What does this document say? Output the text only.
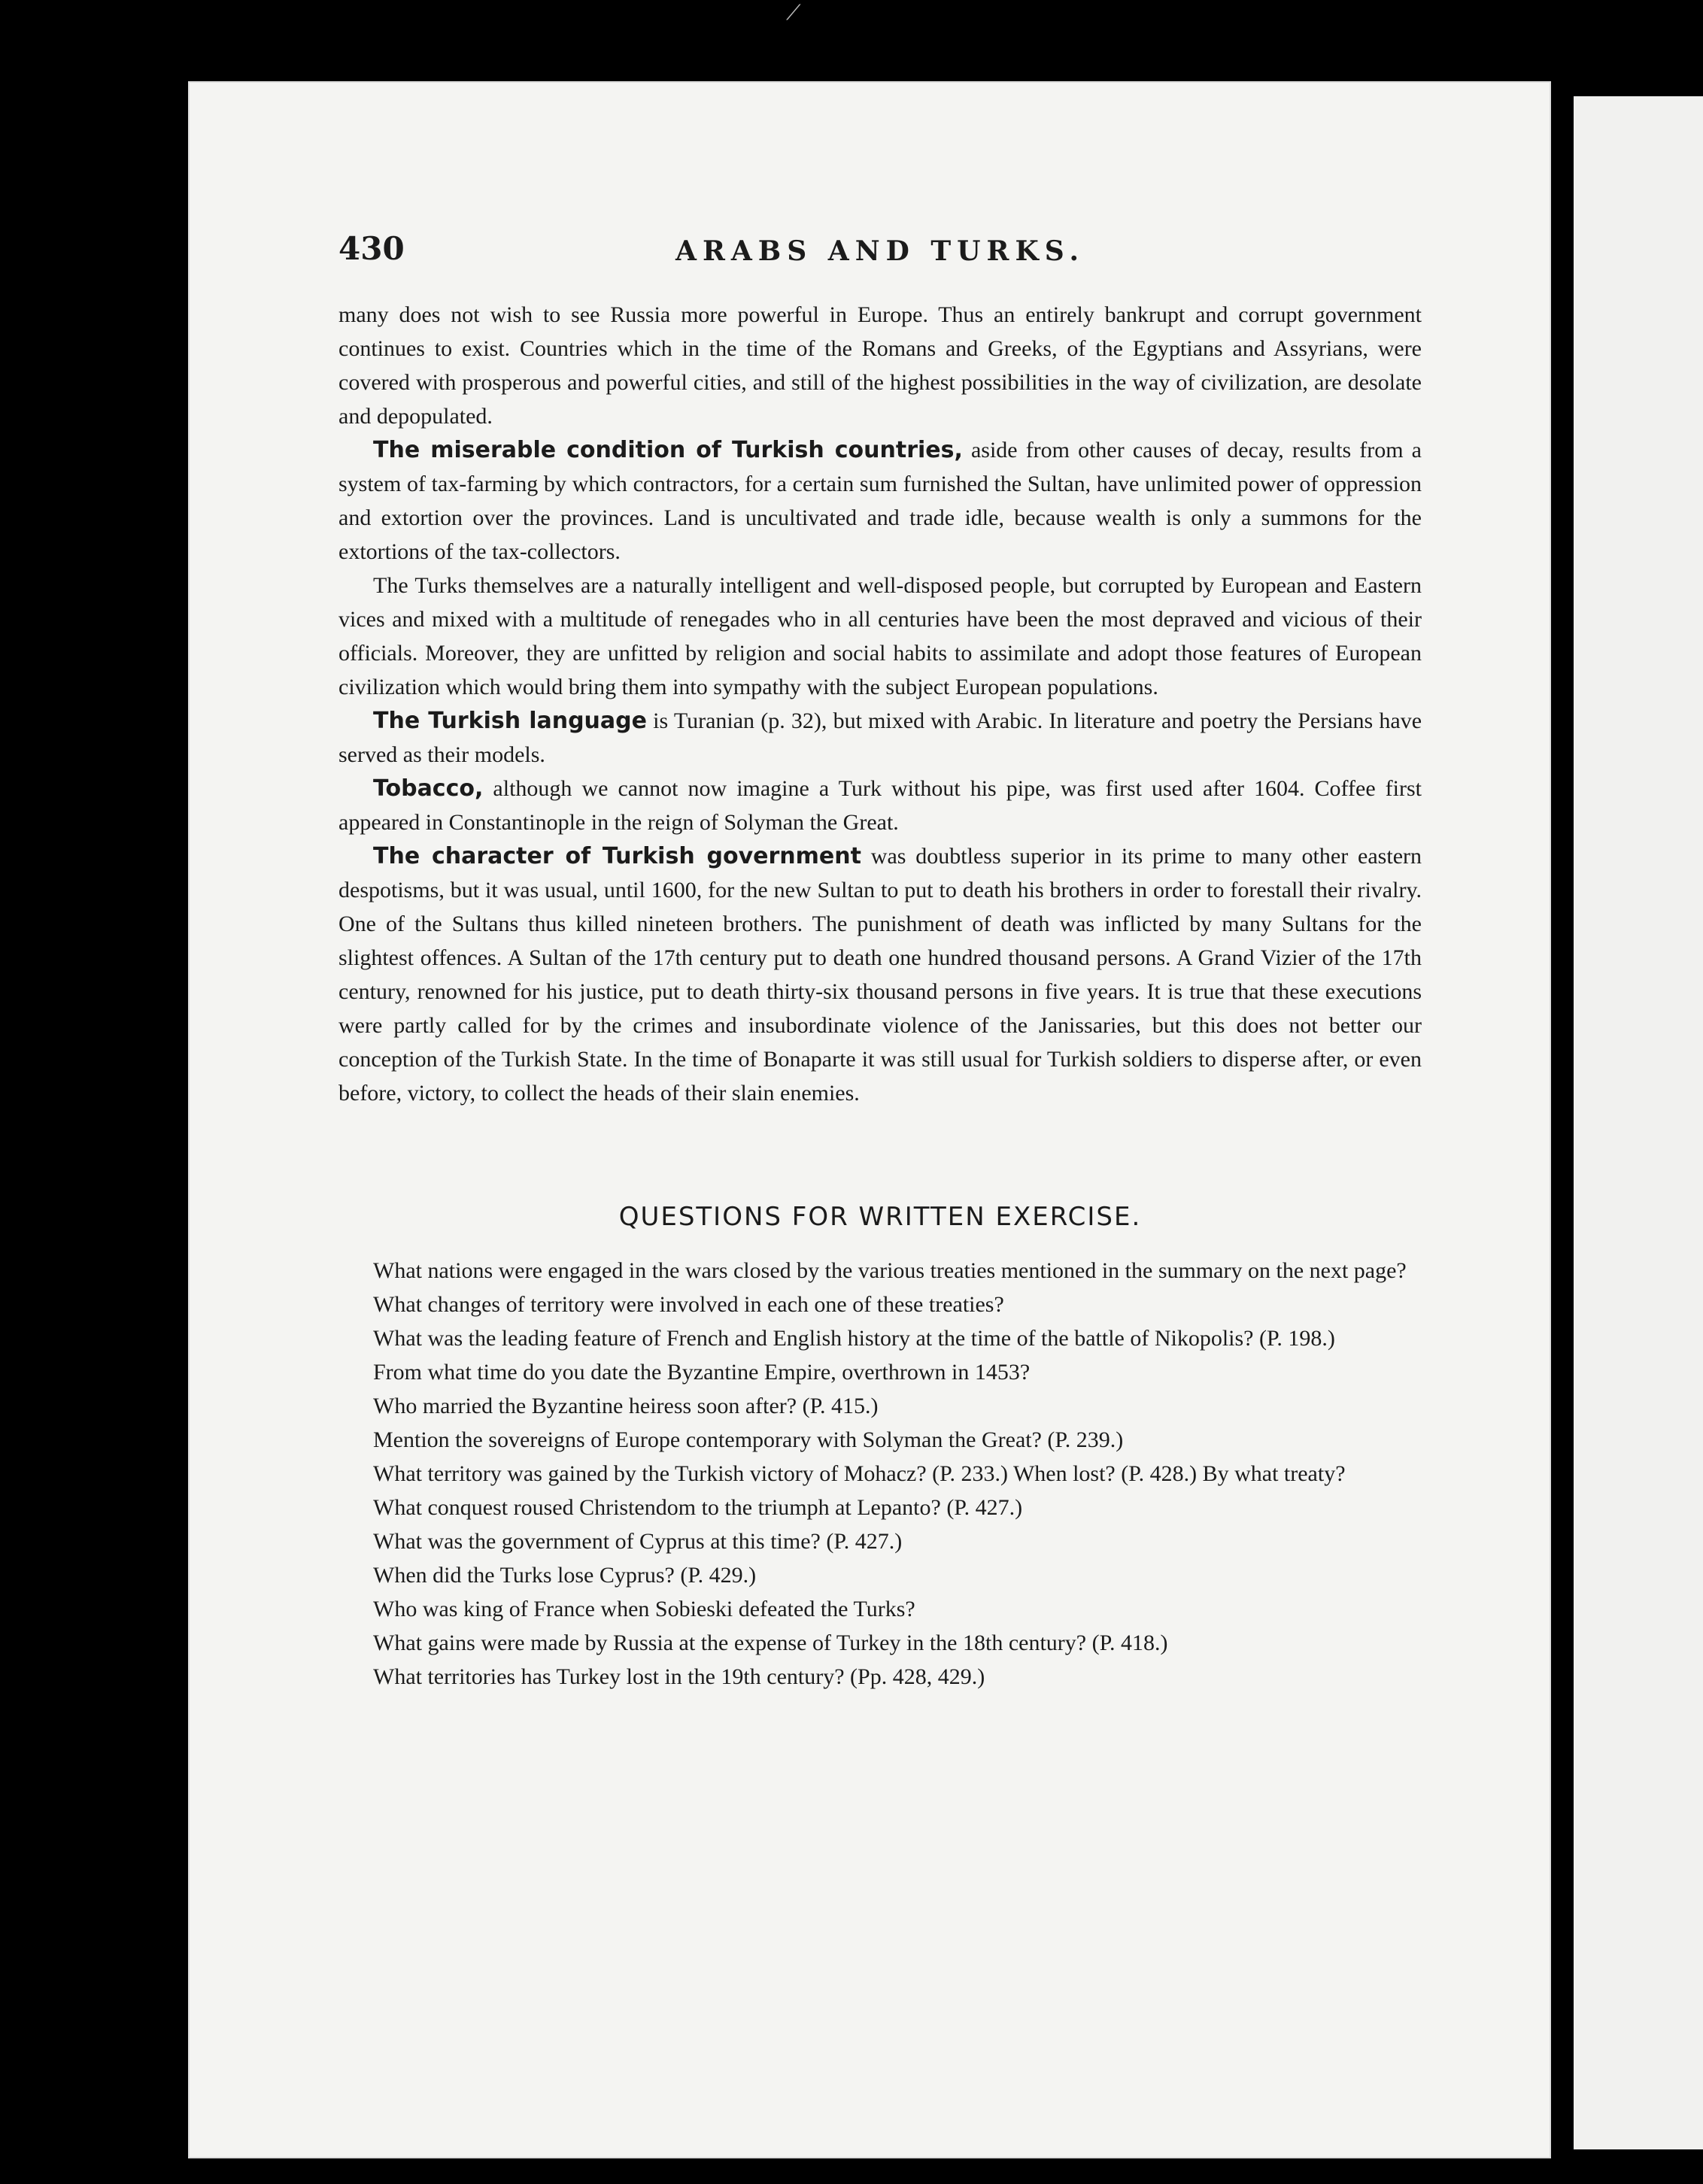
⟋
430	ARABS AND TURKS.

many does not wish to see Russia more powerful in Europe. Thus an entirely bankrupt and corrupt government continues to exist. Countries which in the time of the Romans and Greeks, of the Egyptians and Assyrians, were covered with prosperous and powerful cities, and still of the highest possibilities in the way of civilization, are desolate and depopulated.

The miserable condition of Turkish countries, aside from other causes of decay, results from a system of tax-farming by which contractors, for a certain sum furnished the Sultan, have unlimited power of oppression and extortion over the provinces. Land is uncultivated and trade idle, because wealth is only a summons for the extortions of the tax-collectors.

The Turks themselves are a naturally intelligent and well-disposed people, but corrupted by European and Eastern vices and mixed with a multitude of renegades who in all centuries have been the most depraved and vicious of their officials. Moreover, they are unfitted by religion and social habits to assimilate and adopt those features of European civilization which would bring them into sympathy with the subject European populations.

The Turkish language is Turanian (p. 32), but mixed with Arabic. In literature and poetry the Persians have served as their models.

Tobacco, although we cannot now imagine a Turk without his pipe, was first used after 1604. Coffee first appeared in Constantinople in the reign of Solyman the Great.

The character of Turkish government was doubtless superior in its prime to many other eastern despotisms, but it was usual, until 1600, for the new Sultan to put to death his brothers in order to forestall their rivalry. One of the Sultans thus killed nineteen brothers. The punishment of death was inflicted by many Sultans for the slightest offences. A Sultan of the 17th century put to death one hundred thousand persons. A Grand Vizier of the 17th century, renowned for his justice, put to death thirty-six thousand persons in five years. It is true that these executions were partly called for by the crimes and insubordinate violence of the Janissaries, but this does not better our conception of the Turkish State. In the time of Bonaparte it was still usual for Turkish soldiers to disperse after, or even before, victory, to collect the heads of their slain enemies.

QUESTIONS FOR WRITTEN EXERCISE.

What nations were engaged in the wars closed by the various treaties mentioned in the summary on the next page?

What changes of territory were involved in each one of these treaties?

What was the leading feature of French and English history at the time of the battle of Nikopolis? (P. 198.)

From what time do you date the Byzantine Empire, overthrown in 1453?

Who married the Byzantine heiress soon after? (P. 415.)

Mention the sovereigns of Europe contemporary with Solyman the Great? (P. 239.)

What territory was gained by the Turkish victory of Mohacz? (P. 233.) When lost? (P. 428.) By what treaty?

What conquest roused Christendom to the triumph at Lepanto? (P. 427.)

What was the government of Cyprus at this time? (P. 427.)

When did the Turks lose Cyprus? (P. 429.)

Who was king of France when Sobieski defeated the Turks?

What gains were made by Russia at the expense of Turkey in the 18th century? (P. 418.)

What territories has Turkey lost in the 19th century? (Pp. 428, 429.)
